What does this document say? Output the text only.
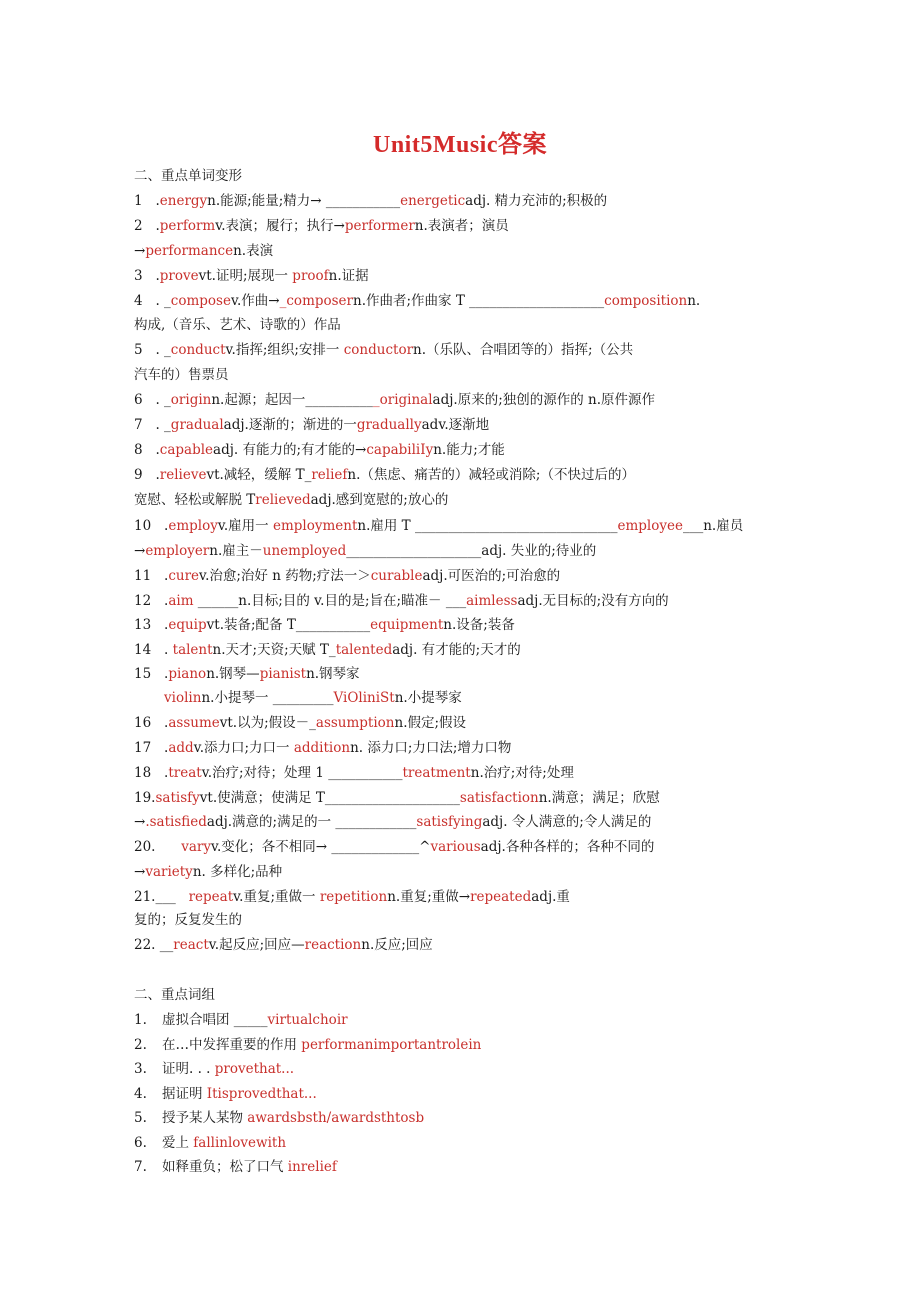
Unit5Music答案
二、重点单词变形
1   .energyn.能源;能量;精力→ ___________energeticadj. 精力充沛的;积极的
2   .performv.表演；履行；执行→performern.表演者；演员
→performancen.表演
3   .provevt.证明;展现一 proofn.证据
4   . _composev.作曲→_composern.作曲者;作曲家 T ____________________compositionn.
构成,（音乐、艺术、诗歌的）作品
5   . _conductv.指挥;组织;安排一 conductorn.（乐队、合唱团等的）指挥;（公共
汽车的）售票员
6   . _originn.起源；起因一___________originaladj.原来的;独创的源作的 n.原件源作
7   . _gradualadj.逐渐的；渐进的一graduallyadv.逐渐地
8   .capableadj. 有能力的;有才能的→capabiliIyn.能力;才能
9   .relievevt.减轻，缓解 T_reliefn.（焦虑、痛苦的）减轻或消除;（不快过后的）
宽慰、轻松或解脱 Trelievedadj.感到宽慰的;放心的
10   .employv.雇用一 employmentn.雇用 T ______________________________employee___n.雇员
→employern.雇主－unemployed____________________adj. 失业的;待业的
11   .curev.治愈;治好 n 药物;疗法一＞curableadj.可医治的;可治愈的
12   .aim ______n.目标;目的 v.目的是;旨在;瞄准－ ___aimlessadj.无目标的;没有方向的
13   .equipvt.装备;配备 T___________equipmentn.设备;装备
14   . talentn.天才;天资;天赋 T_talentedadj. 有才能的;天才的
15   .pianon.钢琴—pianistn.钢琴家
violinn.小提琴一 _________ViOliniStn.小提琴家
16   .assumevt.以为;假设－_assumptionn.假定;假设
17   .addv.添力口;力口一 additionn. 添力口;力口法;增力口物
18   .treatv.治疗;对待；处理 1 ___________treatmentn.治疗;对待;处理
19.satisfyvt.使满意；使满足 T____________________satisfactionn.满意；满足；欣慰
→.satisfiedadj.满意的;满足的一 ____________satisfyingadj. 令人满意的;令人满足的
20.      varyv.变化；各不相同→ _____________^variousadj.各种各样的；各种不同的
→varietyn. 多样化;品种
21.___   repeatv.重复;重做一 repetitionn.重复;重做→repeatedadj.重
复的；反复发生的
22. __reactv.起反应;回应—reactionn.反应;回应
二、重点词组
1. 虚拟合唱团 _____virtualchoir
2. 在…中发挥重要的作用 performanimportantrolein
3. 证明. . . provethat...
4. 据证明 Itisprovedthat...
5. 授予某人某物 awardsbsth/awardsthtosb
6. 爱上 fallinlovewith
7. 如释重负；松了口气 inrelief
